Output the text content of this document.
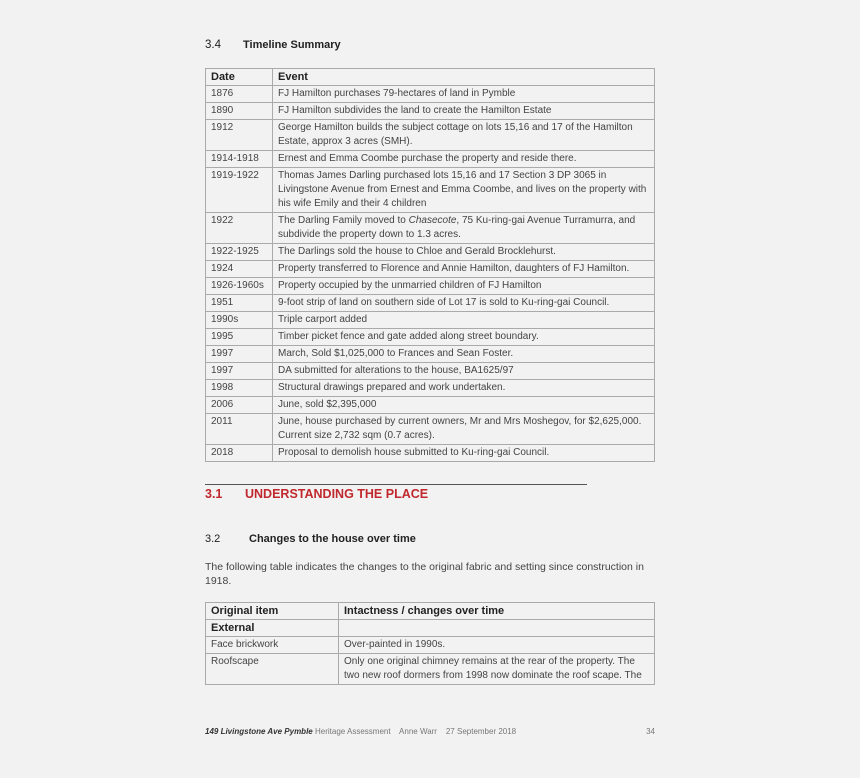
3.4 Timeline Summary
Date	Event
1876	FJ Hamilton purchases 79-hectares of land in Pymble
1890	FJ Hamilton subdivides the land to create the Hamilton Estate
1912	George Hamilton builds the subject cottage on lots 15,16 and 17 of the Hamilton Estate, approx 3 acres (SMH).
1914-1918	Ernest and Emma Coombe purchase the property and reside there.
1919-1922	Thomas James Darling purchased lots 15,16 and 17 Section 3 DP 3065 in Livingstone Avenue from Ernest and Emma Coombe, and lives on the property with his wife Emily and their 4 children
1922	The Darling Family moved to Chasecote, 75 Ku-ring-gai Avenue Turramurra, and subdivide the property down to 1.3 acres.
1922-1925	The Darlings sold the house to Chloe and Gerald Brocklehurst.
1924	Property transferred to Florence and Annie Hamilton, daughters of FJ Hamilton.
1926-1960s	Property occupied by the unmarried children of FJ Hamilton
1951	9-foot strip of land on southern side of Lot 17 is sold to Ku-ring-gai Council.
1990s	Triple carport added
1995	Timber picket fence and gate added along street boundary.
1997	March, Sold $1,025,000 to Frances and Sean Foster.
1997	DA submitted for alterations to the house, BA1625/97
1998	Structural drawings prepared and work undertaken.
2006	June, sold $2,395,000
2011	June, house purchased by current owners, Mr and Mrs Moshegov, for $2,625,000. Current size 2,732 sqm (0.7 acres).
2018	Proposal to demolish house submitted to Ku-ring-gai Council.
3.1 UNDERSTANDING THE PLACE
3.2	Changes to the house over time
The following table indicates the changes to the original fabric and setting since construction in 1918.
Original item	Intactness / changes over time
External	
Face brickwork	Over-painted in 1990s.
Roofscape	Only one original chimney remains at the rear of the property. The two new roof dormers from 1998 now dominate the roof scape. The
149 Livingstone Ave Pymble Heritage Assessment Anne Warr 27 September 2018	34
